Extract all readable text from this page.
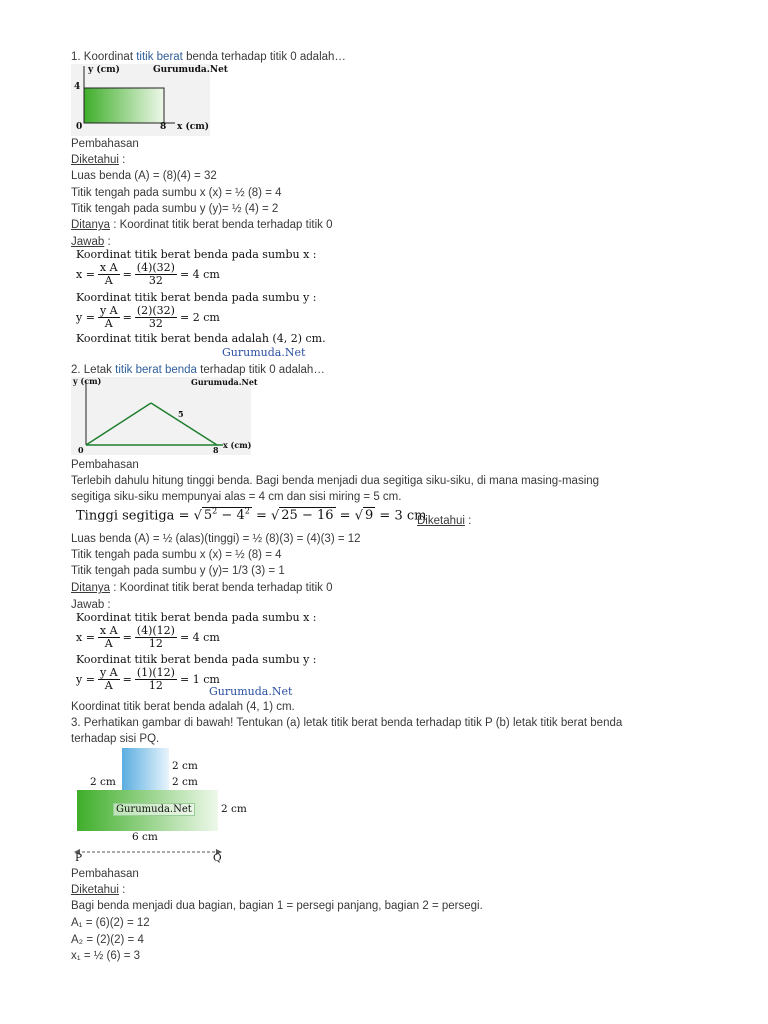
1. Koordinat titik berat benda terhadap titik 0 adalah…
y (cm)	Gurumuda.Net
4
0	8 x (cm)
Pembahasan
Diketahui :
Luas benda (A) = (8)(4) = 32
Titik tengah pada sumbu x (x) = ½ (8) = 4
Titik tengah pada sumbu y (y)= ½ (4) = 2
Ditanya : Koordinat titik berat benda terhadap titik 0
Jawab :
Koordinat titik berat benda pada sumbu x :
$x = \frac{\text{x A}}{A} = \frac{(4)(32)}{32} = 4$ cm
Koordinat titik berat benda pada sumbu y :
$y = \frac{\text{y A}}{A} = \frac{(2)(32)}{32} = 2$ cm
Koordinat titik berat benda adalah (4, 2) cm.
Gurumuda.Net
2. Letak titik berat benda terhadap titik 0 adalah…
y (cm)	Gurumuda.Net
5
0	8 x (cm)
Pembahasan
Terlebih dahulu hitung tinggi benda. Bagi benda menjadi dua segitiga siku-siku, di mana masing-masing
segitiga siku-siku mempunyai alas = 4 cm dan sisi miring = 5 cm.
Tinggi segitiga = √ $5^2 - 4^2$ = √ 25 − 16 = √ 9 = 3 cm
Diketahui :
Luas benda (A) = ½ (alas)(tinggi) = ½ (8)(3) = (4)(3) = 12
Titik tengah pada sumbu x (x) = ½ (8) = 4
Titik tengah pada sumbu y (y)= 1/3 (3) = 1
Ditanya : Koordinat titik berat benda terhadap titik 0
Jawab :
Koordinat titik berat benda pada sumbu x :
$x = \frac{\text{x A}}{A} = \frac{(4)(12)}{12} = 4$ cm
Koordinat titik berat benda pada sumbu y :
$y = \frac{\text{y A}}{A} = \frac{(1)(12)}{12} = 1$ cm
Gurumuda.Net
Koordinat titik berat benda adalah (4, 1) cm.
3. Perhatikan gambar di bawah! Tentukan (a) letak titik berat benda terhadap titik P (b) letak titik berat benda
terhadap sisi PQ.
Gurumuda.Net
2 cm
2 cm	2 cm
2 cm
6 cm
P	Q
Pembahasan
Diketahui :
Bagi benda menjadi dua bagian, bagian 1 = persegi panjang, bagian 2 = persegi.
A₁ = (6)(2) = 12
A₂ = (2)(2) = 4
x₁ = ½ (6) = 3
